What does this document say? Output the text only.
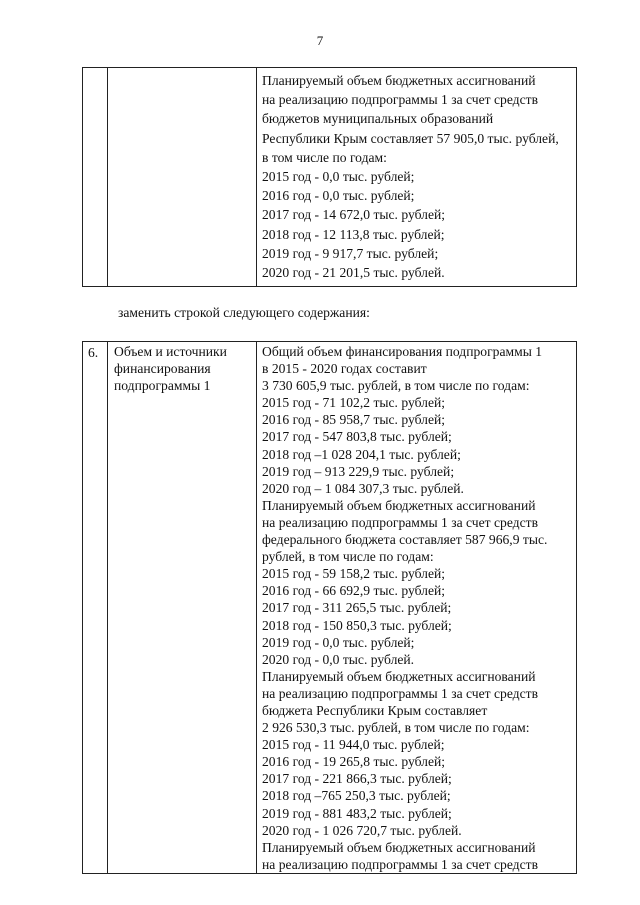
7

Планируемый объем бюджетных ассигнований
на реализацию подпрограммы 1 за счет средств
бюджетов муниципальных образований
Республики Крым составляет 57 905,0 тыс. рублей,
в том числе по годам:
2015 год - 0,0 тыс. рублей;
2016 год - 0,0 тыс. рублей;
2017 год - 14 672,0 тыс. рублей;
2018 год - 12 113,8 тыс. рублей;
2019 год - 9 917,7 тыс. рублей;
2020 год - 21 201,5 тыс. рублей.
заменить строкой следующего содержания:
6.	Объем и источники финансирования подпрограммы 1

Общий объем финансирования подпрограммы 1
в 2015 - 2020 годах составит
3 730 605,9 тыс. рублей, в том числе по годам:
2015 год - 71 102,2 тыс. рублей;
2016 год - 85 958,7 тыс. рублей;
2017 год - 547 803,8 тыс. рублей;
2018 год –1 028 204,1 тыс. рублей;
2019 год – 913 229,9 тыс. рублей;
2020 год – 1 084 307,3 тыс. рублей.
Планируемый объем бюджетных ассигнований
на реализацию подпрограммы 1 за счет средств
федерального бюджета составляет 587 966,9 тыс.
рублей, в том числе по годам:
2015 год - 59 158,2 тыс. рублей;
2016 год - 66 692,9 тыс. рублей;
2017 год - 311 265,5 тыс. рублей;
2018 год - 150 850,3 тыс. рублей;
2019 год - 0,0 тыс. рублей;
2020 год - 0,0 тыс. рублей.
Планируемый объем бюджетных ассигнований
на реализацию подпрограммы 1 за счет средств
бюджета Республики Крым составляет
2 926 530,3 тыс. рублей, в том числе по годам:
2015 год - 11 944,0 тыс. рублей;
2016 год - 19 265,8 тыс. рублей;
2017 год - 221 866,3 тыс. рублей;
2018 год –765 250,3 тыс. рублей;
2019 год - 881 483,2 тыс. рублей;
2020 год - 1 026 720,7 тыс. рублей.
Планируемый объем бюджетных ассигнований
на реализацию подпрограммы 1 за счет средств
